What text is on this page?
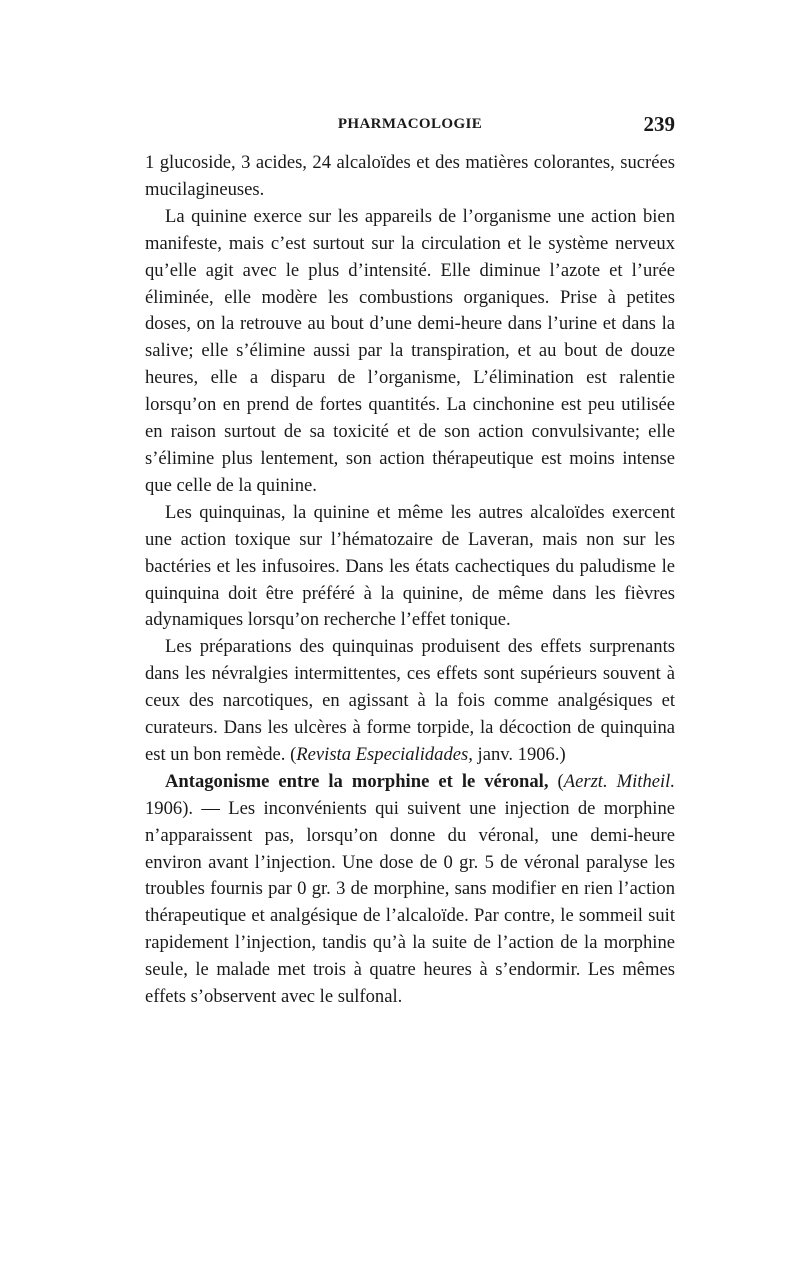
PHARMACOLOGIE	239

1 glucoside, 3 acides, 24 alcaloïdes et des matières colorantes, sucrées mucilagineuses.

La quinine exerce sur les appareils de l’organisme une action bien manifeste, mais c’est surtout sur la circulation et le système nerveux qu’elle agit avec le plus d’intensité. Elle diminue l’azote et l’urée éliminée, elle modère les combustions organiques. Prise à petites doses, on la retrouve au bout d’une demi-heure dans l’urine et dans la salive; elle s’élimine aussi par la transpiration, et au bout de douze heures, elle a disparu de l’organisme, L’élimination est ralentie lorsqu’on en prend de fortes quantités. La cinchonine est peu utilisée en raison surtout de sa toxicité et de son action convulsivante; elle s’élimine plus lentement, son action thérapeutique est moins intense que celle de la quinine.

Les quinquinas, la quinine et même les autres alcaloïdes exercent une action toxique sur l’hématozaire de Laveran, mais non sur les bactéries et les infusoires. Dans les états cachectiques du paludisme le quinquina doit être préféré à la quinine, de même dans les fièvres adynamiques lorsqu’on recherche l’effet tonique.

Les préparations des quinquinas produisent des effets surprenants dans les névralgies intermittentes, ces effets sont supérieurs souvent à ceux des narcotiques, en agissant à la fois comme analgésiques et curateurs. Dans les ulcères à forme torpide, la décoction de quinquina est un bon remède. (Revista Especialidades, janv. 1906.)

Antagonisme entre la morphine et le véronal, (Aerzt. Mitheil. 1906). — Les inconvénients qui suivent une injection de morphine n’apparaissent pas, lorsqu’on donne du véronal, une demi-heure environ avant l’injection. Une dose de 0 gr. 5 de véronal paralyse les troubles fournis par 0 gr. 3 de morphine, sans modifier en rien l’action thérapeutique et analgésique de l’alcaloïde. Par contre, le sommeil suit rapidement l’injection, tandis qu’à la suite de l’action de la morphine seule, le malade met trois à quatre heures à s’endormir. Les mêmes effets s’observent avec le sulfonal.
